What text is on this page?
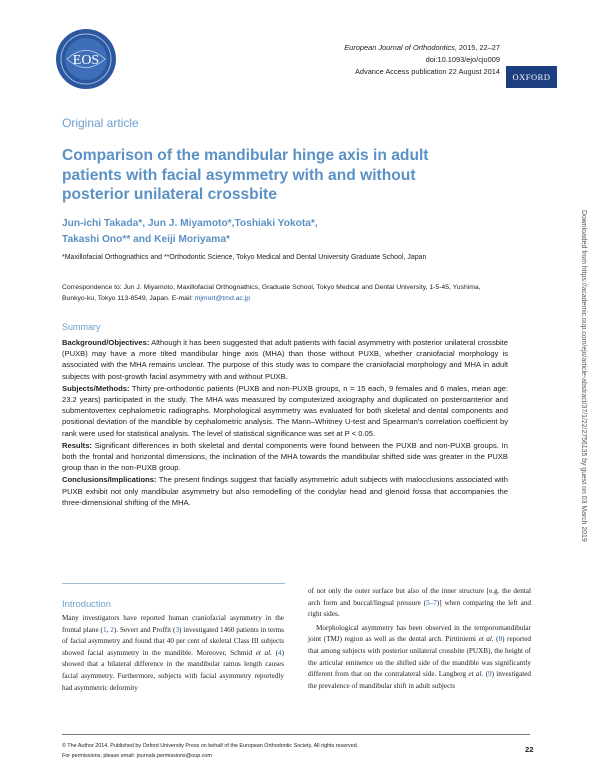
EOS
European Journal of Orthodontics, 2015, 22–27
doi:10.1093/ejo/cju009
Advance Access publication 22 August 2014
OXFORD
Original article
Comparison of the mandibular hinge axis in adult patients with facial asymmetry with and without posterior unilateral crossbite
Jun-ichi Takada*, Jun J. Miyamoto*,Toshiaki Yokota*,
Takashi Ono** and Keiji Moriyama*
*Maxillofacial Orthognathics and **Orthodontic Science, Tokyo Medical and Dental University Graduate School, Japan
Correspondence to: Jun J. Miyamoto, Maxillofacial Orthognathics, Graduate School, Tokyo Medical and Dental University, 1-5-45, Yushima, Bunkyo-ku, Tokyo 113-8549, Japan. E-mail: mjmort@tmd.ac.jp
Summary

Background/Objectives: Although it has been suggested that adult patients with facial asymmetry with posterior unilateral crossbite (PUXB) may have a more tilted mandibular hinge axis (MHA) than those without PUXB, whether craniofacial morphology is associated with the MHA remains unclear. The purpose of this study was to compare the craniofacial morphology and MHA in adult subjects with post-growth facial asymmetry with and without PUXB.

Subjects/Methods: Thirty pre-orthodontic patients (PUXB and non-PUXB groups, n = 15 each, 9 females and 6 males, mean age: 23.2 years) participated in the study. The MHA was measured by computerized axiography and duplicated on posteroanterior and submentovertex cephalometric radiographs. Morphological asymmetry was evaluated for both skeletal and dental components and positional deviation of the mandible by cephalometric analysis. The Mann–Whitney U-test and Spearman’s correlation coefficient by rank were used for statistical analysis. The level of statistical significance was set at P < 0.05.

Results: Significant differences in both skeletal and dental components were found between the PUXB and non-PUXB groups. In both the frontal and horizontal dimensions, the inclination of the MHA towards the mandibular shifted side was greater in the PUXB group than in the non-PUXB group.

Conclusions/Implications: The present findings suggest that facially asymmetric adult subjects with malocclusions associated with PUXB exhibit not only mandibular asymmetry but also remodelling of the condylar head and glenoid fossa that accompanies the three-dimensional shifting of the MHA.

Introduction
Many investigators have reported human craniofacial asymmetry in the frontal plane (1, 2). Severt and Proffit (3) investigated 1460 patients in terms of facial asymmetry and found that 40 per cent of skeletal Class III subjects showed facial asymmetry in the mandible. Moreover, Schmid et al. (4) showed that a bilateral difference in the mandibular ramus length causes facial asymmetry. Furthermore, subjects with facial asymmetry reportedly had asymmetric deformity
of not only the outer surface but also of the inner structure [e.g. the dental arch form and buccal/lingual pressure (5–7)] when comparing the left and right sides.
Morphological asymmetry has been observed in the temporomandibular joint (TMJ) region as well as the dental arch. Pirttiniemi et al. (8) reported that among subjects with posterior unilateral crossbite (PUXB), the height of the articular eminence on the shifted side of the mandible was significantly different from that on the contralateral side. Langberg et al. (9) investigated the prevalence of mandibular shift in adult subjects
© The Author 2014. Published by Oxford University Press on behalf of the European Orthodontic Society. All rights reserved.
For permissions, please email: journals.permissions@oup.com
22
Downloaded from https://academic.oup.com/ejo/article-abstract/37/1/22/2756135 by guest on 03 March 2019
